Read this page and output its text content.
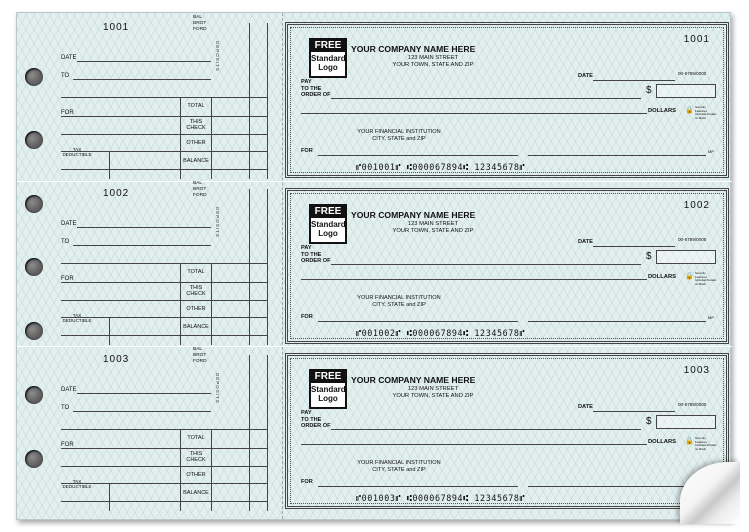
1001
BAL
BROT
FORD
DEPOSITS
DATE
TO
FOR
TOTAL
THIS
CHECK
OTHER
BALANCE
TAX
DEDUCTIBLE
1002
BAL
BROT
FORD
DEPOSITS
DATE
TO
FOR
TOTAL
THIS
CHECK
OTHER
BALANCE
TAX
DEDUCTIBLE
1003
BAL
BROT
FORD
DEPOSITS
DATE
TO
FOR
TOTAL
THIS
CHECK
OTHER
BALANCE
TAX
DEDUCTIBLE
FREE
Standard
Logo
YOUR COMPANY NAME HERE
123 MAIN STREET
YOUR TOWN, STATE AND ZIP
1001
DATE	00-6789/0000
PAY
TO THE
ORDER OF	$
DOLLARS 🔒 Security Features Included Details on Back
YOUR FINANCIAL INSTITUTION
CITY, STATE and ZIP
FOR	MP
⑈001001⑈ ⑆000067894⑆ 12345678⑈
FREE
Standard
Logo
YOUR COMPANY NAME HERE
123 MAIN STREET
YOUR TOWN, STATE AND ZIP
1002
DATE	00-6789/0000
PAY
TO THE
ORDER OF	$
DOLLARS 🔒 Security Features Included Details on Back
YOUR FINANCIAL INSTITUTION
CITY, STATE and ZIP
FOR	MP
⑈001002⑈ ⑆000067894⑆ 12345678⑈
FREE
Standard
Logo
YOUR COMPANY NAME HERE
123 MAIN STREET
YOUR TOWN, STATE AND ZIP
1003
DATE	00-6789/0000
PAY
TO THE
ORDER OF	$
DOLLARS 🔒 Security Features Included Details on Back
YOUR FINANCIAL INSTITUTION
CITY, STATE and ZIP
FOR
⑈001003⑈ ⑆000067894⑆ 12345678⑈
